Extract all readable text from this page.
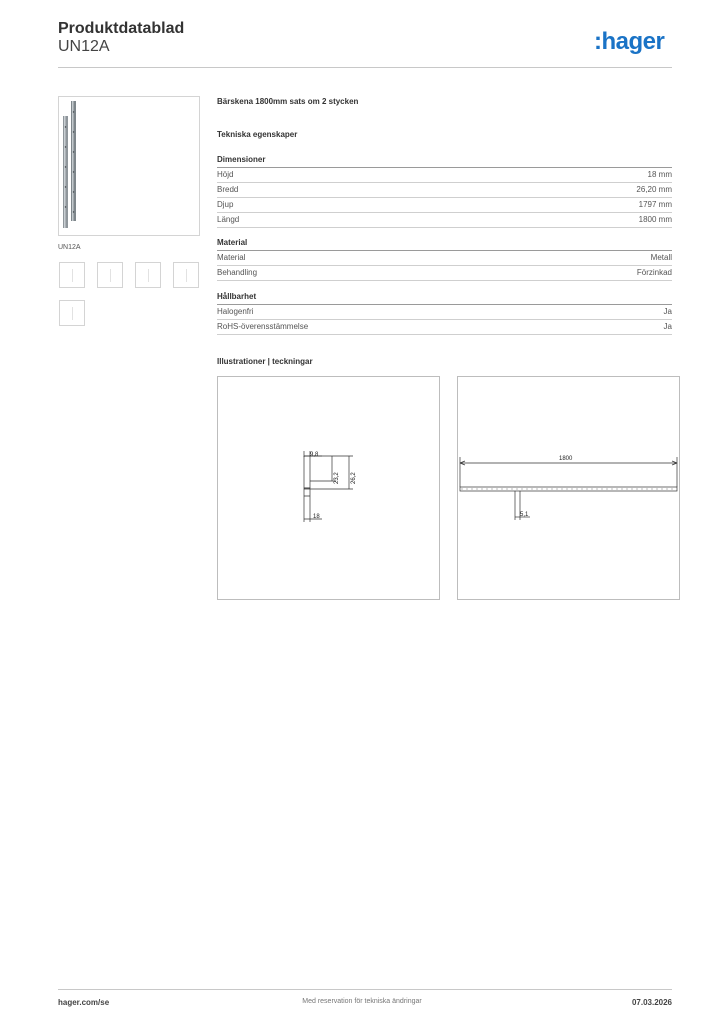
Produktdatablad
UN12A	:hager
UN12A
Bärskena 1800mm sats om 2 stycken
Tekniska egenskaper
Dimensioner
Höjd	18 mm
Bredd	26,20 mm
Djup	1797 mm
Längd	1800 mm
Material
Material	Metall
Behandling	Förzinkad
Hållbarhet
Halogenfri	Ja
RoHS-överensstämmelse	Ja
Illustrationer | teckningar
9,8
23,2 26,2
18
1800
5,1
hager.com/se	Med reservation för tekniska ändringar	07.03.2026
